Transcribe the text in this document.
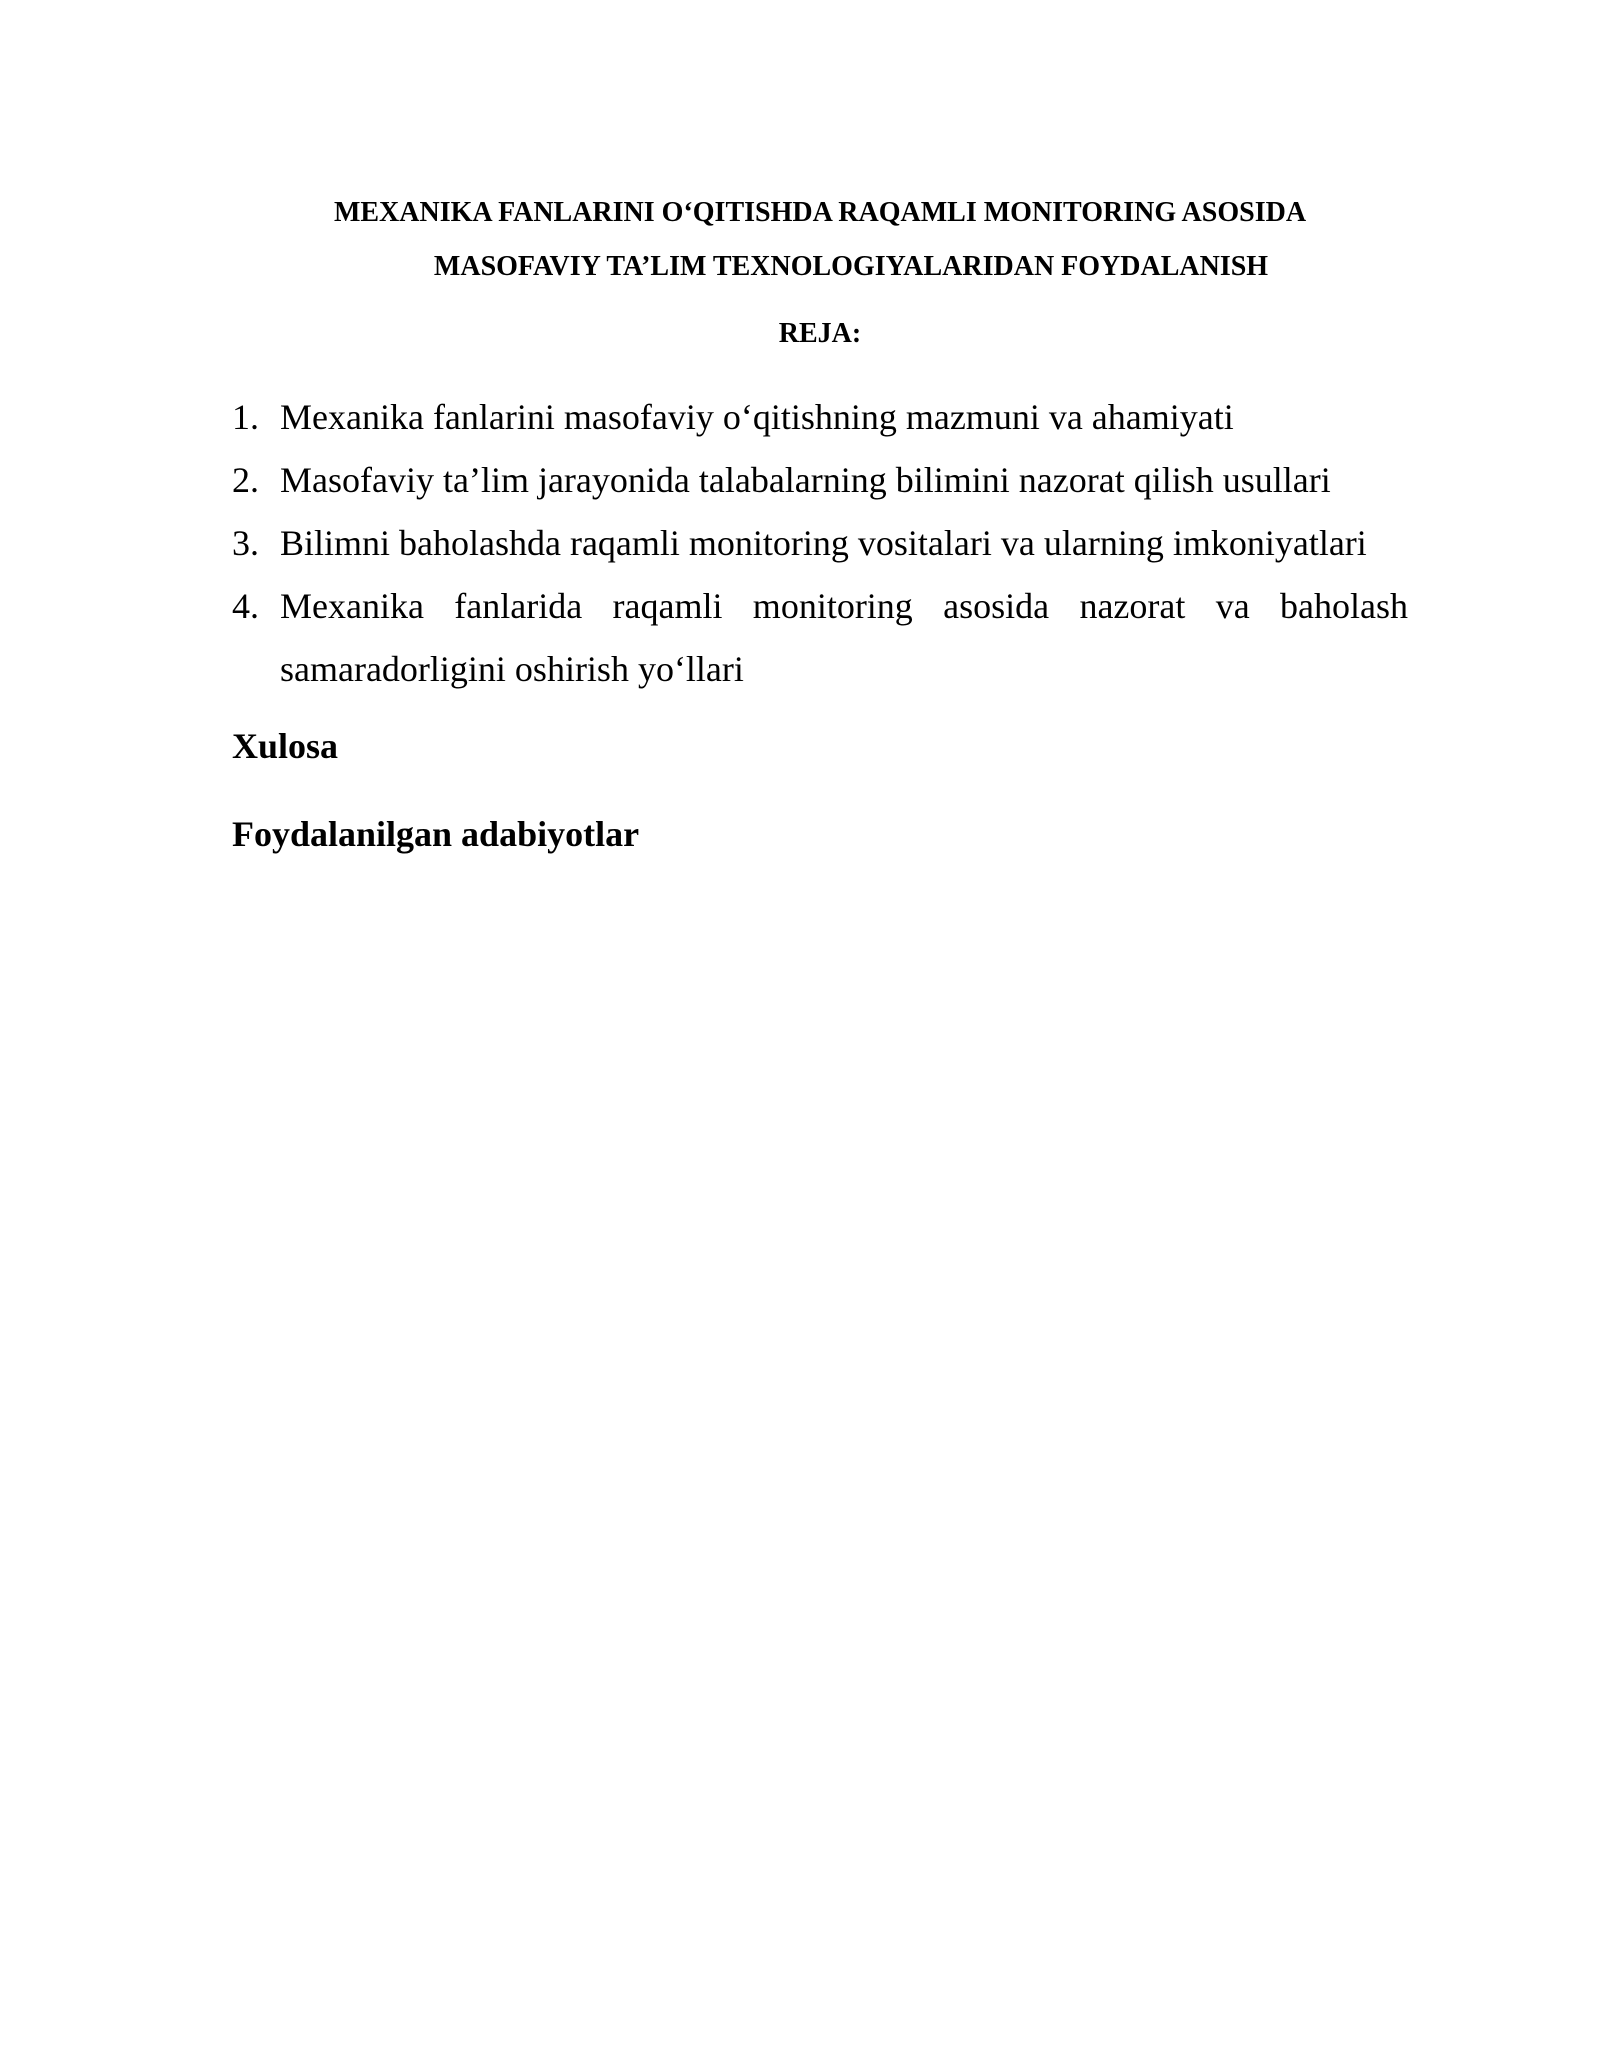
MEXANIKA FANLARINI O‘QITISHDA RAQAMLI MONITORING ASOSIDA
MASOFAVIY TA’LIM TEXNOLOGIYALARIDAN FOYDALANISH
REJA:
1. Mexanika fanlarini masofaviy o‘qitishning mazmuni va ahamiyati
2. Masofaviy ta’lim jarayonida talabalarning bilimini nazorat qilish usullari
3. Bilimni baholashda raqamli monitoring vositalari va ularning imkoniyatlari
4. Mexanika fanlarida raqamli monitoring asosida nazorat va baholash samaradorligini oshirish yo‘llari
Xulosa
Foydalanilgan adabiyotlar
